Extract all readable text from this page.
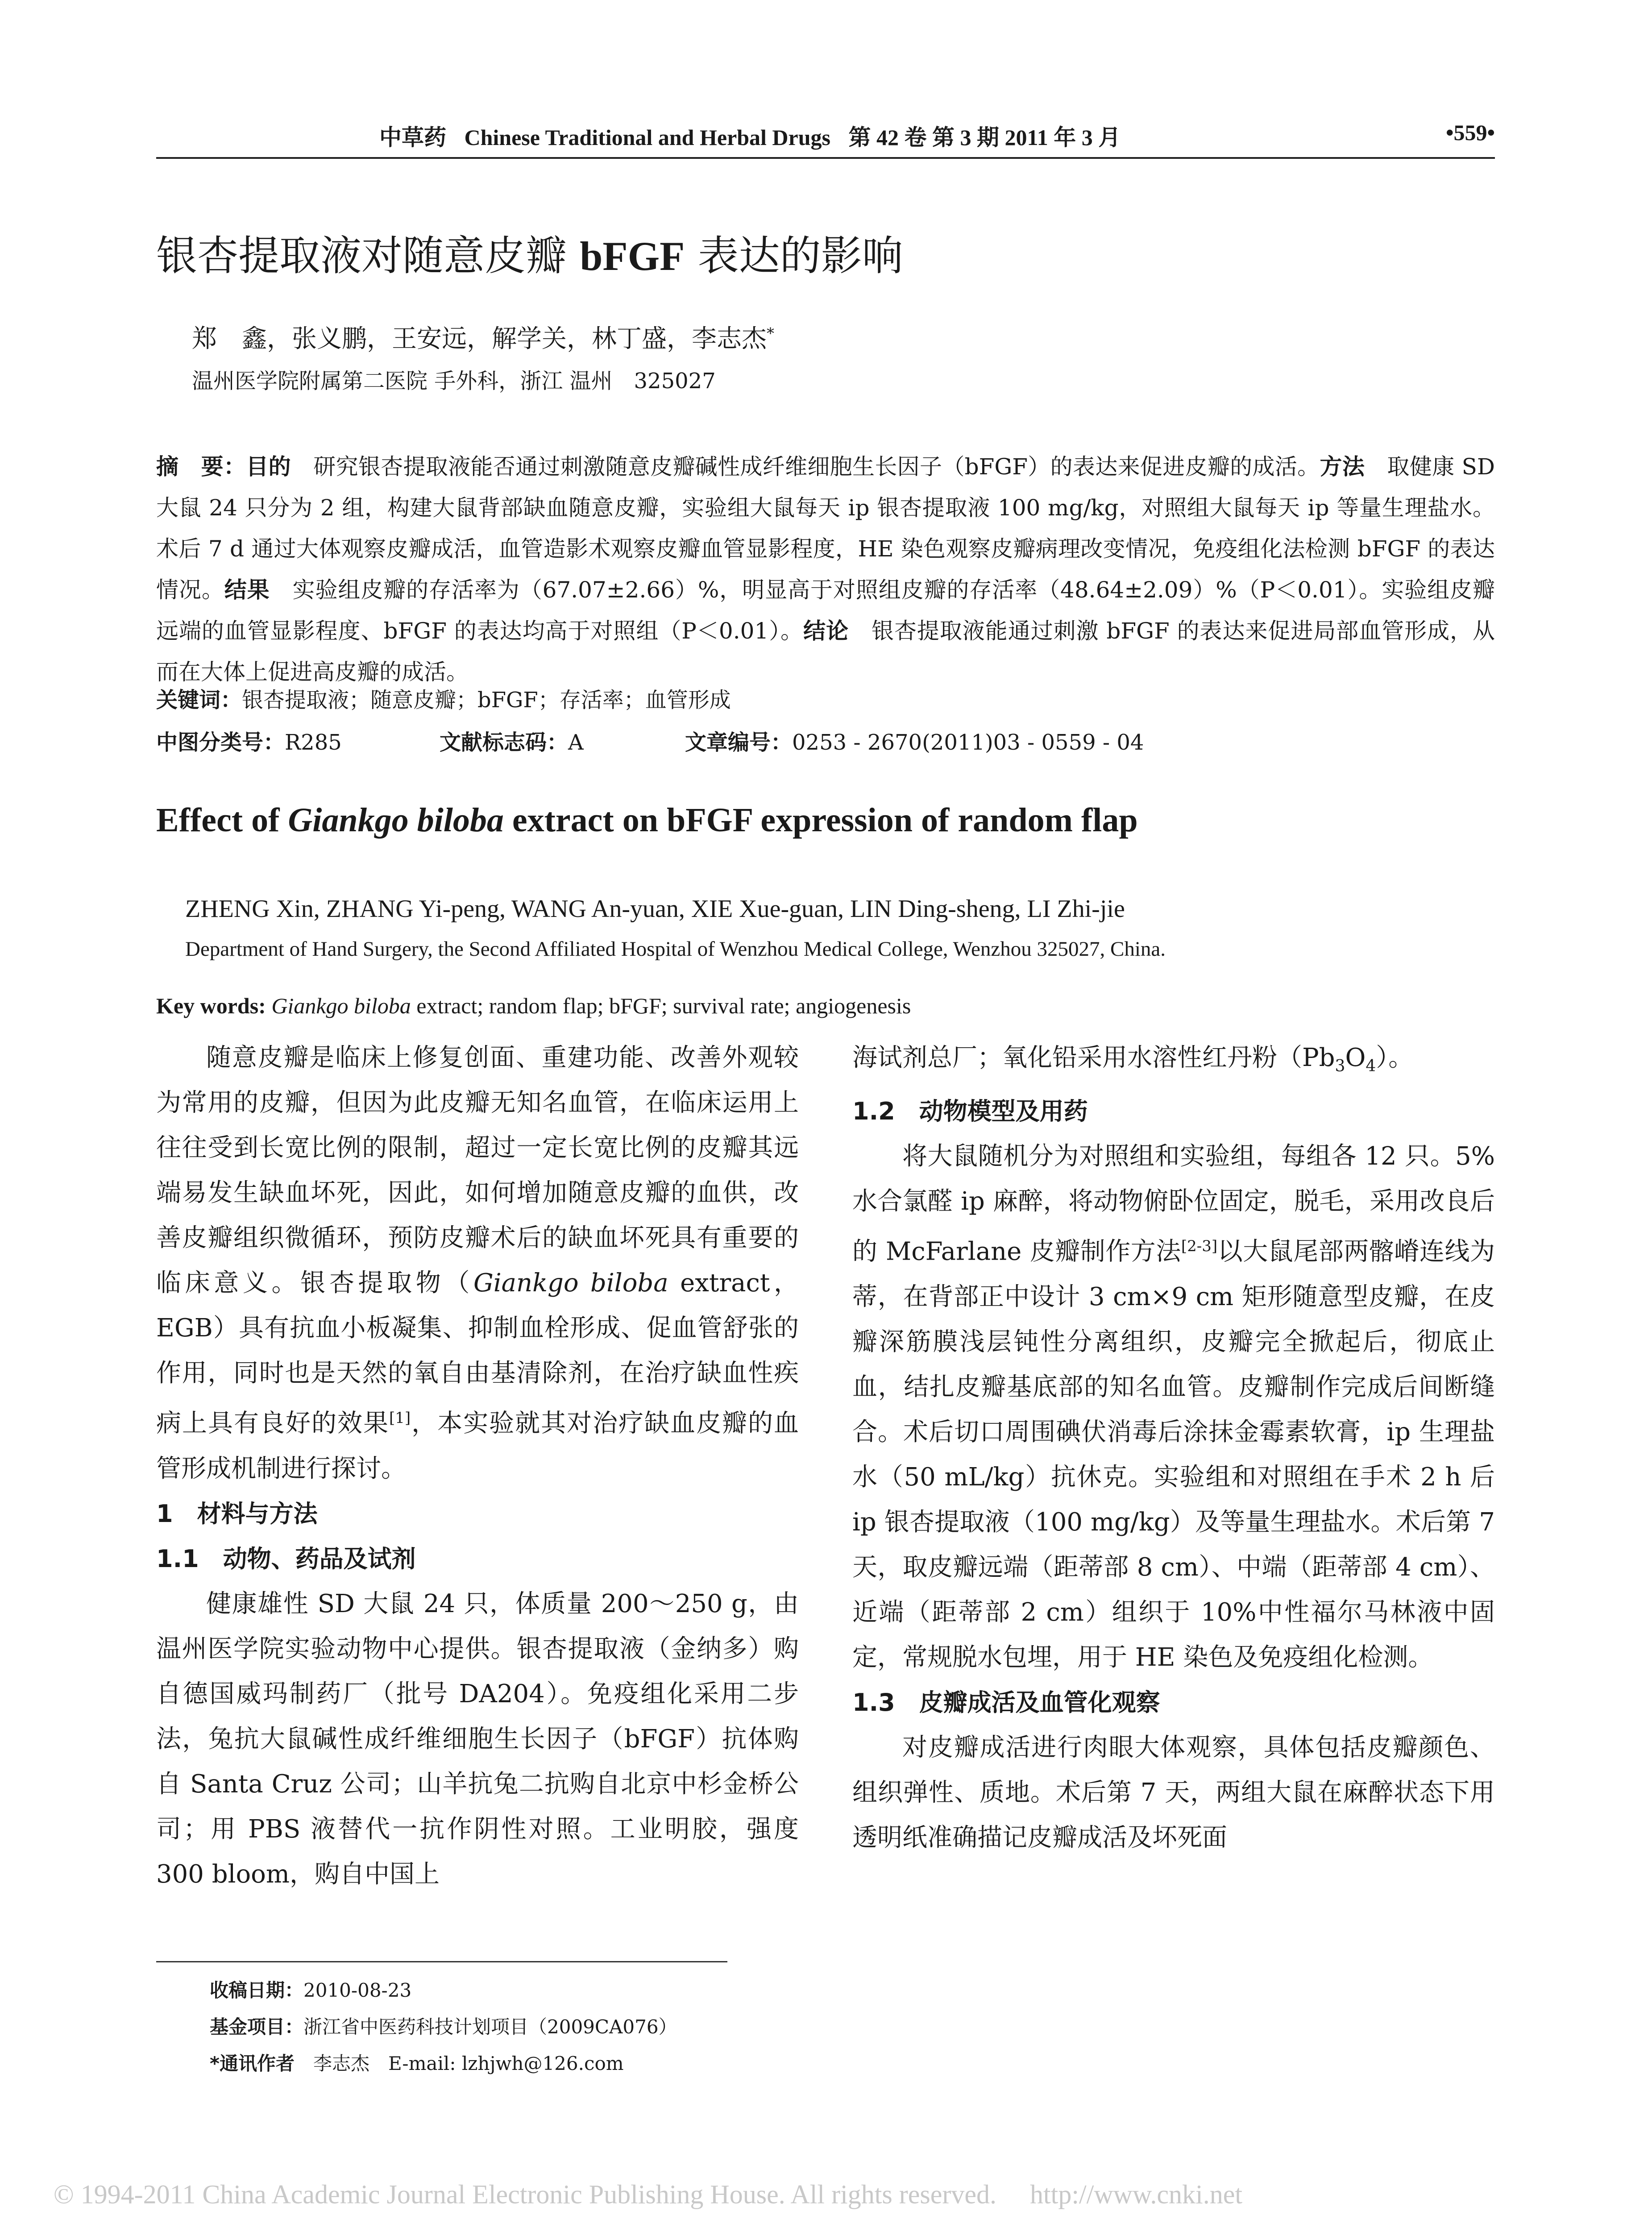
中草药 Chinese Traditional and Herbal Drugs 第 42 卷 第 3 期 2011 年 3 月	•559•
银杏提取液对随意皮瓣 bFGF 表达的影响
郑　鑫，张义鹏，王安远，解学关，林丁盛，李志杰*
温州医学院附属第二医院 手外科，浙江 温州　325027

摘　要：目的　研究银杏提取液能否通过刺激随意皮瓣碱性成纤维细胞生长因子（bFGF）的表达来促进皮瓣的成活。方法　取健康 SD 大鼠 24 只分为 2 组，构建大鼠背部缺血随意皮瓣，实验组大鼠每天 ip 银杏提取液 100 mg/kg，对照组大鼠每天 ip 等量生理盐水。术后 7 d 通过大体观察皮瓣成活，血管造影术观察皮瓣血管显影程度，HE 染色观察皮瓣病理改变情况，免疫组化法检测 bFGF 的表达情况。结果　实验组皮瓣的存活率为（67.07±2.66）%，明显高于对照组皮瓣的存活率（48.64±2.09）%（P＜0.01）。实验组皮瓣远端的血管显影程度、bFGF 的表达均高于对照组（P＜0.01）。结论　银杏提取液能通过刺激 bFGF 的表达来促进局部血管形成，从而在大体上促进高皮瓣的成活。

关键词：银杏提取液；随意皮瓣；bFGF；存活率；血管形成
中图分类号：R285	文献标志码：A	文章编号：0253 - 2670(2011)03 - 0559 - 04
Effect of Giankgo biloba extract on bFGF expression of random flap
ZHENG Xin, ZHANG Yi-peng, WANG An-yuan, XIE Xue-guan, LIN Ding-sheng, LI Zhi-jie
Department of Hand Surgery, the Second Affiliated Hospital of Wenzhou Medical College, Wenzhou 325027, China.
Key words: Giankgo biloba extract; random flap; bFGF; survival rate; angiogenesis

随意皮瓣是临床上修复创面、重建功能、改善外观较为常用的皮瓣，但因为此皮瓣无知名血管，在临床运用上往往受到长宽比例的限制，超过一定长宽比例的皮瓣其远端易发生缺血坏死，因此，如何增加随意皮瓣的血供，改善皮瓣组织微循环，预防皮瓣术后的缺血坏死具有重要的临床意义。银杏提取物（Giankgo biloba extract，EGB）具有抗血小板凝集、抑制血栓形成、促血管舒张的作用，同时也是天然的氧自由基清除剂，在治疗缺血性疾病上具有良好的效果[1]，本实验就其对治疗缺血皮瓣的血管形成机制进行探讨。

1　材料与方法

1.1　动物、药品及试剂

健康雄性 SD 大鼠 24 只，体质量 200～250 g，由温州医学院实验动物中心提供。银杏提取液（金纳多）购自德国威玛制药厂（批号 DA204）。免疫组化采用二步法，兔抗大鼠碱性成纤维细胞生长因子（bFGF）抗体购自 Santa Cruz 公司；山羊抗兔二抗购自北京中杉金桥公司；用 PBS 液替代一抗作阴性对照。工业明胶，强度 300 bloom，购自中国上

海试剂总厂；氧化铅采用水溶性红丹粉$(Pb_3O_4)$。

1.2　动物模型及用药

将大鼠随机分为对照组和实验组，每组各 12 只。5%水合氯醛 ip 麻醉，将动物俯卧位固定，脱毛，采用改良后的 McFarlane 皮瓣制作方法[2-3]以大鼠尾部两髂嵴连线为蒂，在背部正中设计 3 cm×9 cm 矩形随意型皮瓣，在皮瓣深筋膜浅层钝性分离组织，皮瓣完全掀起后，彻底止血，结扎皮瓣基底部的知名血管。皮瓣制作完成后间断缝合。术后切口周围碘伏消毒后涂抹金霉素软膏，ip 生理盐水（50 mL/kg）抗休克。实验组和对照组在手术 2 h 后 ip 银杏提取液（100 mg/kg）及等量生理盐水。术后第 7 天，取皮瓣远端（距蒂部 8 cm）、中端（距蒂部 4 cm）、近端（距蒂部 2 cm）组织于 10%中性福尔马林液中固定，常规脱水包埋，用于 HE 染色及免疫组化检测。

1.3　皮瓣成活及血管化观察

对皮瓣成活进行肉眼大体观察，具体包括皮瓣颜色、组织弹性、质地。术后第 7 天，两组大鼠在麻醉状态下用透明纸准确描记皮瓣成活及坏死面

收稿日期：2010-08-23
基金项目：浙江省中医药科技计划项目（2009CA076）
*通讯作者　李志杰　E-mail: lzhjwh@126.com
© 1994-2011 China Academic Journal Electronic Publishing House. All rights reserved.　 http://www.cnki.net
